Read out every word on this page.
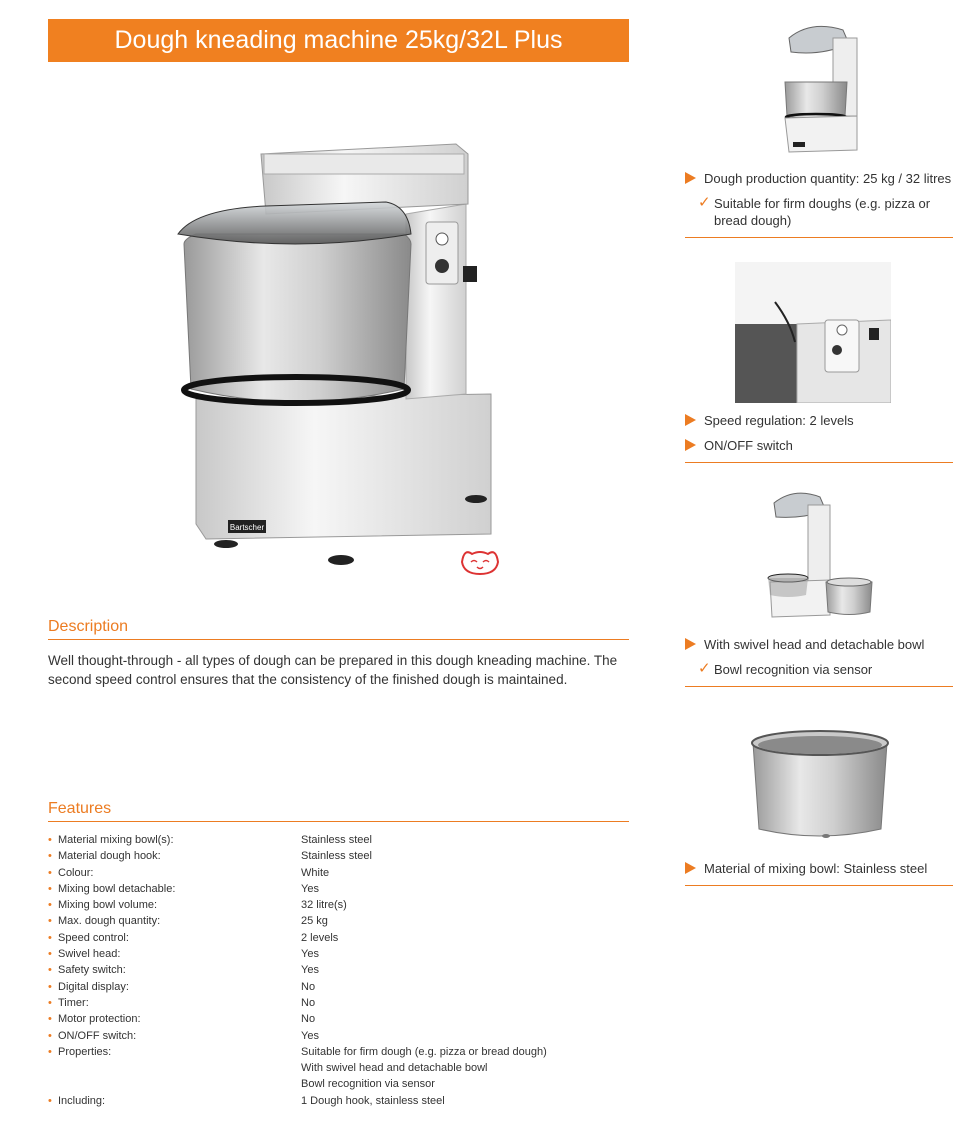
Dough kneading machine 25kg/32L Plus
Bartscher
Description
Well thought-through - all types of dough can be prepared in this dough kneading machine. The second speed control ensures that the consistency of the finished dough is maintained.
Features
• Material mixing bowl(s):	Stainless steel
• Material dough hook:	Stainless steel
• Colour:	White
• Mixing bowl detachable:	Yes
• Mixing bowl volume:	32 litre(s)
• Max. dough quantity:	25 kg
• Speed control:	2 levels
• Swivel head:	Yes
• Safety switch:	Yes
• Digital display:	No
• Timer:	No
• Motor protection:	No
• ON/OFF switch:	Yes
• Properties:	Suitable for firm dough (e.g. pizza or bread dough)
With swivel head and detachable bowl
Bowl recognition via sensor
• Including:	1 Dough hook, stainless steel
Dough production quantity: 25 kg / 32 litres
✓ Suitable for firm doughs (e.g. pizza or bread dough)
Speed regulation: 2 levels
ON/OFF switch
With swivel head and detachable bowl
✓ Bowl recognition via sensor
Material of mixing bowl: Stainless steel
